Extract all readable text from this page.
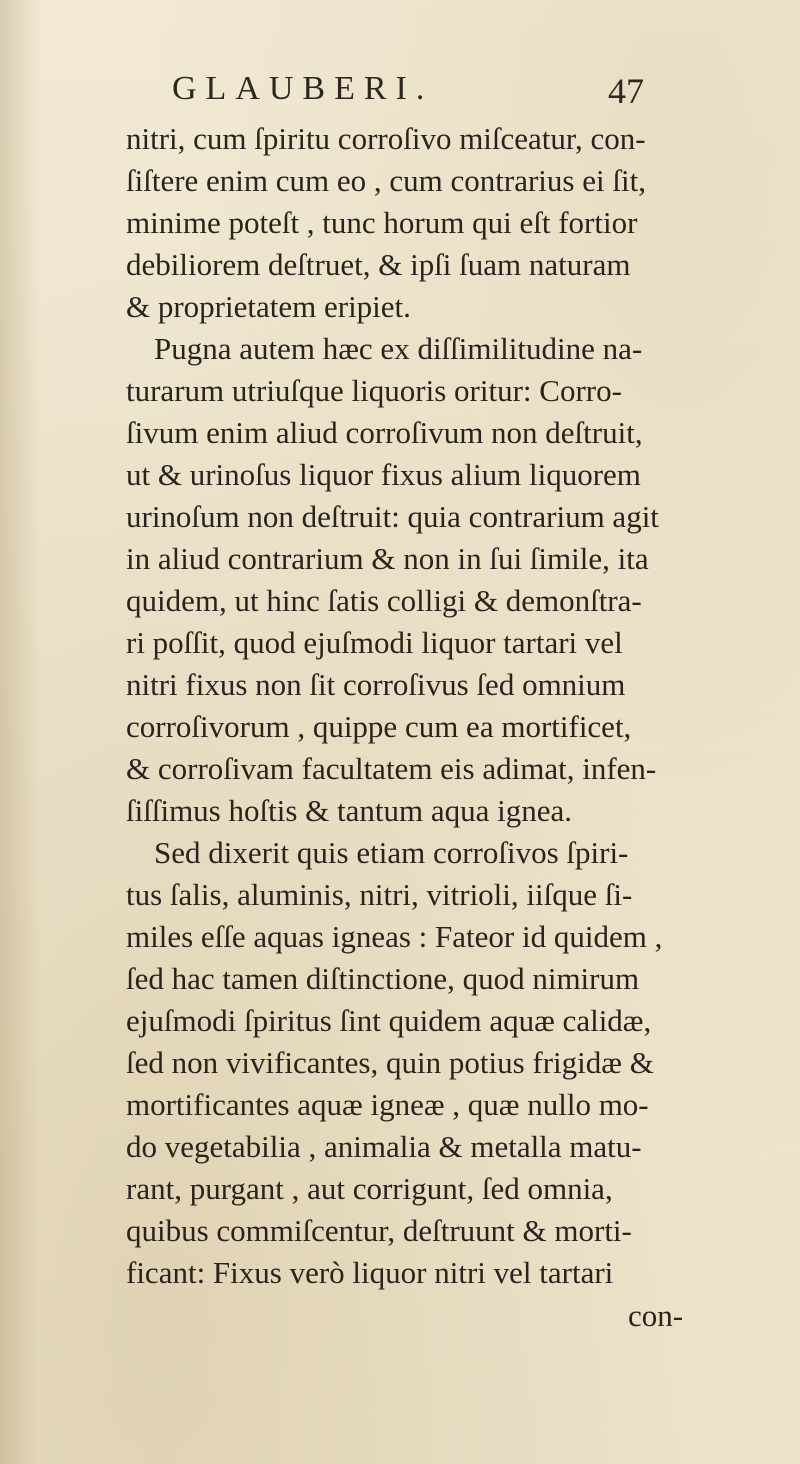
GLAUBERI.	47
nitri, cum ſpiritu corroſivo miſceatur, con-
ſiſtere enim cum eo , cum contrarius ei ſit,
minime poteſt , tunc horum qui eſt fortior
debiliorem deſtruet, & ipſi ſuam naturam
& proprietatem eripiet.
Pugna autem hæc ex diſſimilitudine na-
turarum utriuſque liquoris oritur: Corro-
ſivum enim aliud corroſivum non deſtruit,
ut & urinoſus liquor fixus alium liquorem
urinoſum non deſtruit: quia contrarium agit
in aliud contrarium & non in ſui ſimile, ita
quidem, ut hinc ſatis colligi & demonſtra-
ri poſſit, quod ejuſmodi liquor tartari vel
nitri fixus non ſit corroſivus ſed omnium
corroſivorum , quippe cum ea mortificet,
& corroſivam facultatem eis adimat, infen-
ſiſſimus hoſtis & tantum aqua ignea.
Sed dixerit quis etiam corroſivos ſpiri-
tus ſalis, aluminis, nitri, vitrioli, iiſque ſi-
miles eſſe aquas igneas : Fateor id quidem ,
ſed hac tamen diſtinctione, quod nimirum
ejuſmodi ſpiritus ſint quidem aquæ calidæ,
ſed non vivificantes, quin potius frigidæ &
mortificantes aquæ igneæ , quæ nullo mo-
do vegetabilia , animalia & metalla matu-
rant, purgant , aut corrigunt, ſed omnia,
quibus commiſcentur, deſtruunt & morti-
ficant: Fixus verò liquor nitri vel tartari
con-
